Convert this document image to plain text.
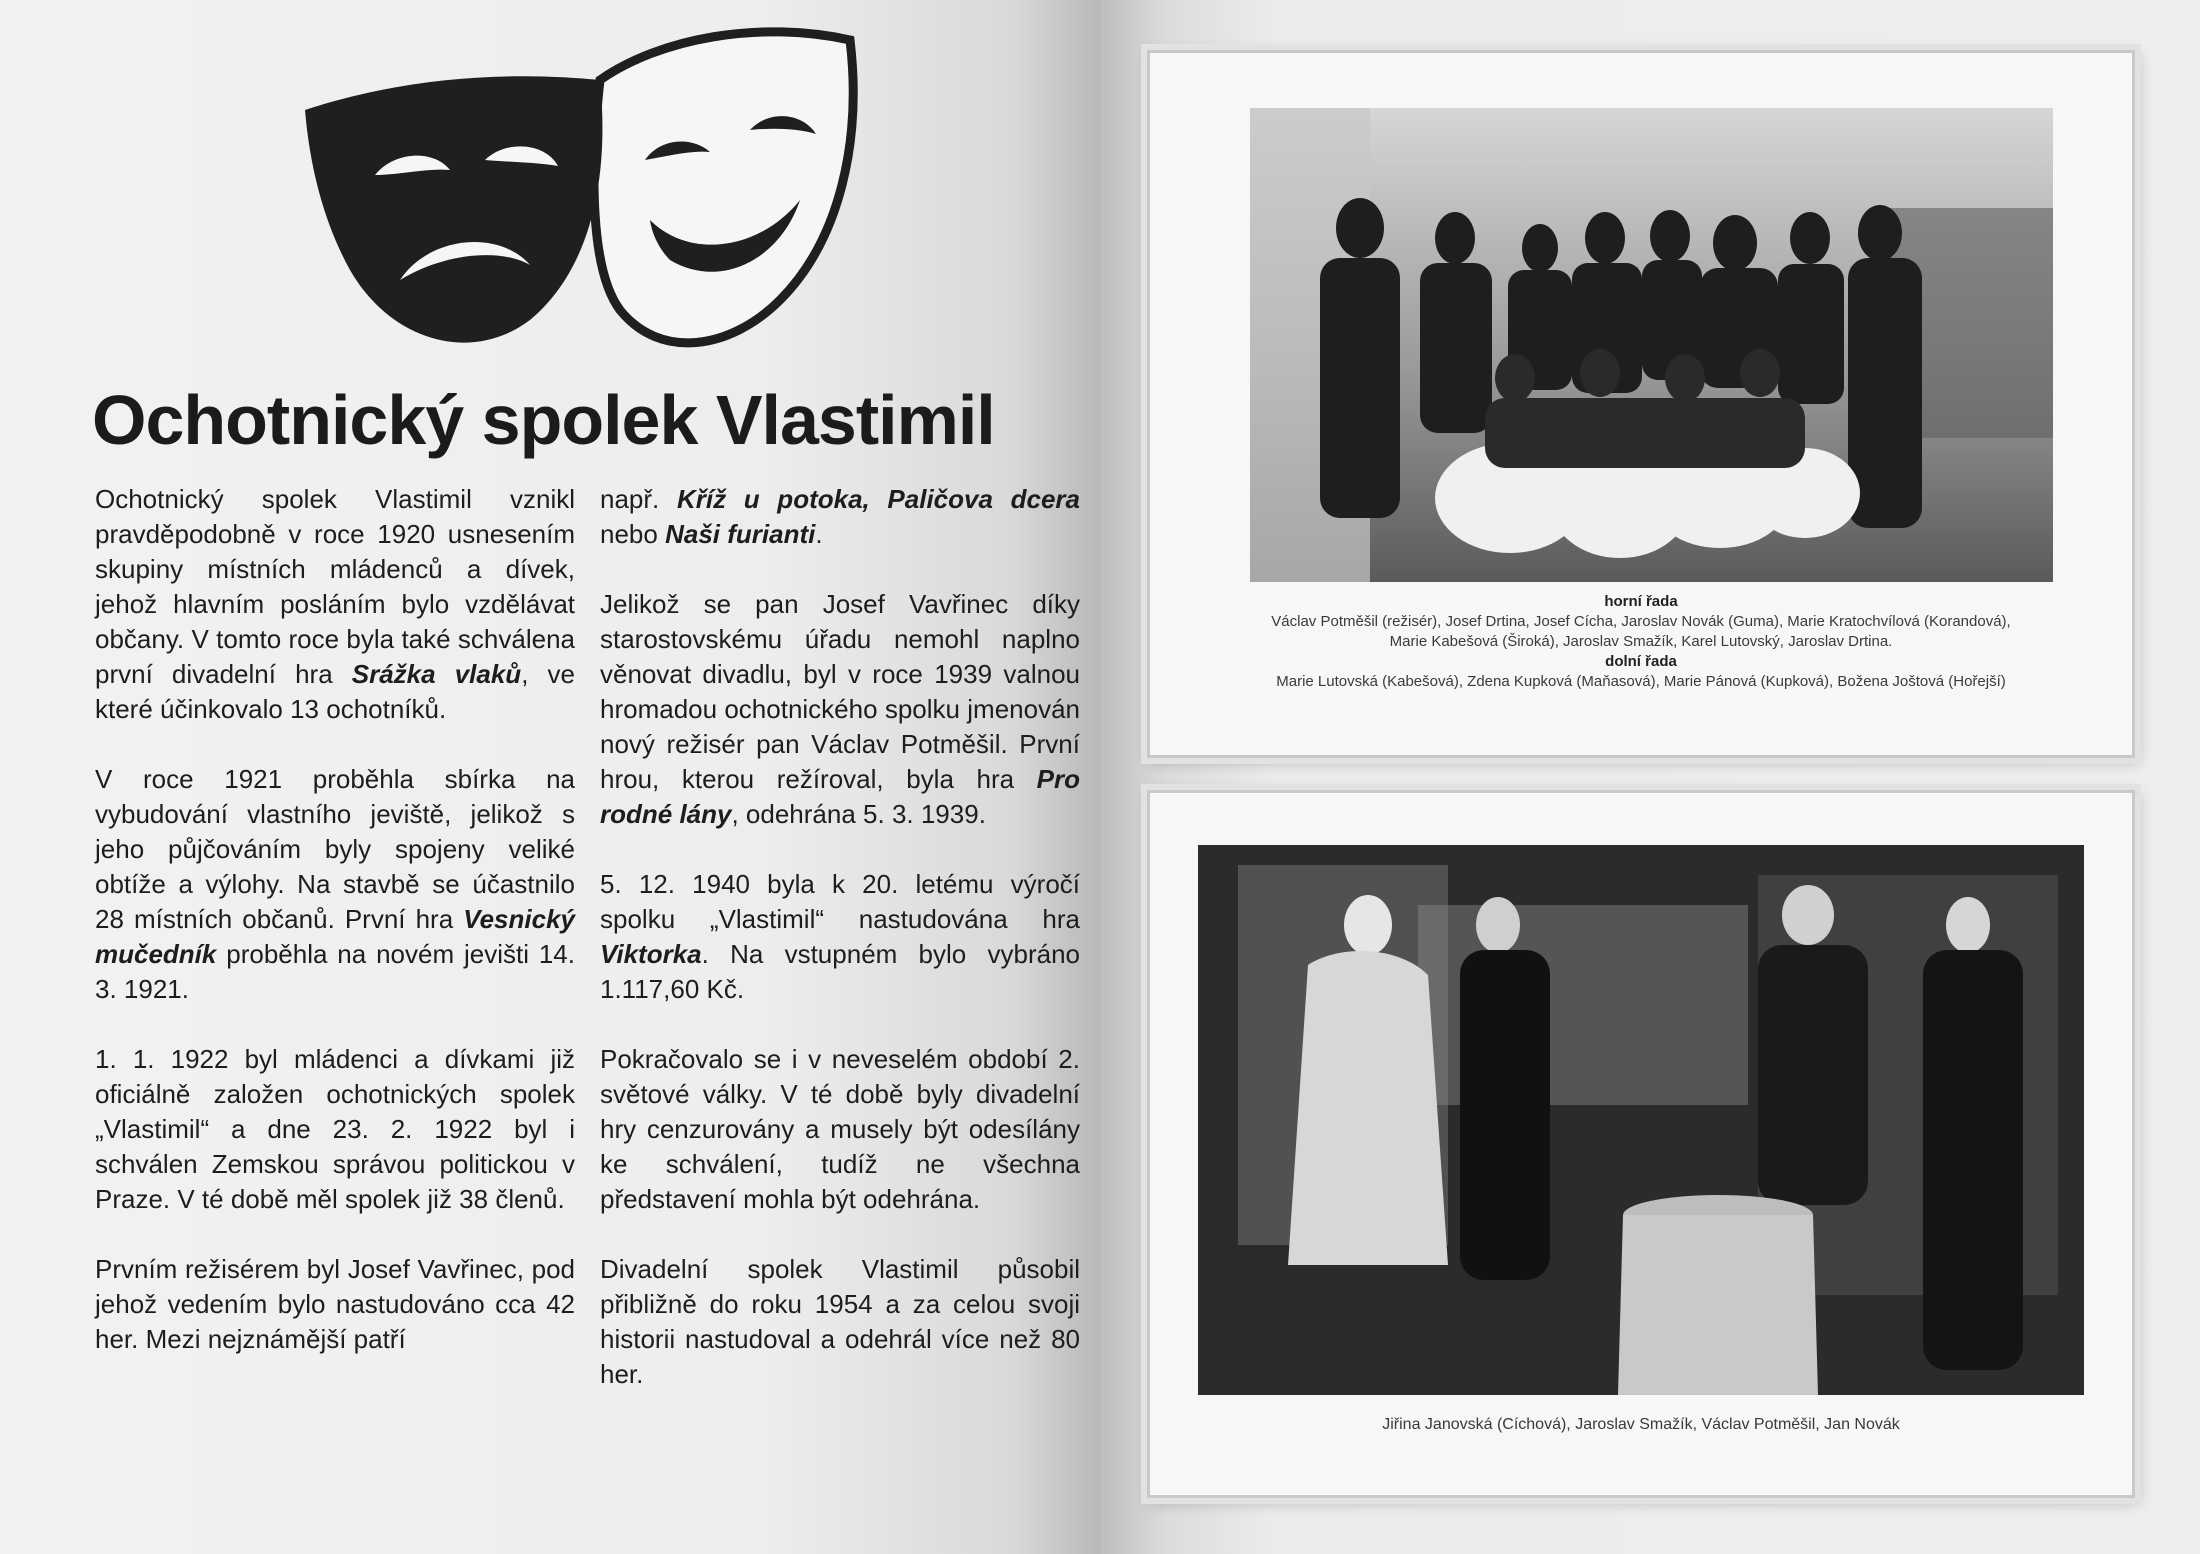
Ochotnický spolek Vlastimil

Ochotnický spolek Vlastimil vznikl pravděpodobně v roce 1920 usnesením skupiny místních mládenců a dívek, jehož hlavním posláním bylo vzdělávat občany. V tomto roce byla také schválena první divadelní hra Srážka vlaků, ve které účinkovalo 13 ochotníků.

V roce 1921 proběhla sbírka na vybudování vlastního jeviště, jelikož s jeho půjčováním byly spojeny veliké obtíže a výlohy. Na stavbě se účastnilo 28 místních občanů. První hra Vesnický mučedník proběhla na novém jevišti 14. 3. 1921.

1. 1. 1922 byl mládenci a dívkami již oficiálně založen ochotnických spolek „Vlastimil“ a dne 23. 2. 1922 byl i schválen Zemskou správou politickou v Praze. V té době měl spolek již 38 členů.

Prvním režisérem byl Josef Vavřinec, pod jehož vedením bylo nastudováno cca 42 her. Mezi nejznámější patří

např. Kříž u potoka, Paličova dcera nebo Naši furianti.

Jelikož se pan Josef Vavřinec díky starostovskému úřadu nemohl naplno věnovat divadlu, byl v roce 1939 valnou hromadou ochotnického spolku jmenován nový režisér pan Václav Potměšil. První hrou, kterou režíroval, byla hra Pro rodné lány, odehrána 5. 3. 1939.

5. 12. 1940 byla k 20. letému výročí spolku „Vlastimil“ nastudována hra Viktorka. Na vstupném bylo vybráno 1.117,60 Kč.

Pokračovalo se i v neveselém období 2. světové války. V té době byly divadelní hry cenzurovány a musely být odesílány ke schválení, tudíž ne všechna představení mohla být odehrána.

Divadelní spolek Vlastimil působil přibližně do roku 1954 a za celou svoji historii nastudoval a odehrál více než 80 her.

horní řada
Václav Potměšil (režisér), Josef Drtina, Josef Cícha, Jaroslav Novák (Guma), Marie Kratochvílová (Korandová),
Marie Kabešová (Široká), Jaroslav Smažík, Karel Lutovský, Jaroslav Drtina.
dolní řada
Marie Lutovská (Kabešová), Zdena Kupková (Maňasová), Marie Pánová (Kupková), Božena Joštová (Hořejší)
Jiřina Janovská (Cíchová), Jaroslav Smažík, Václav Potměšil, Jan Novák
